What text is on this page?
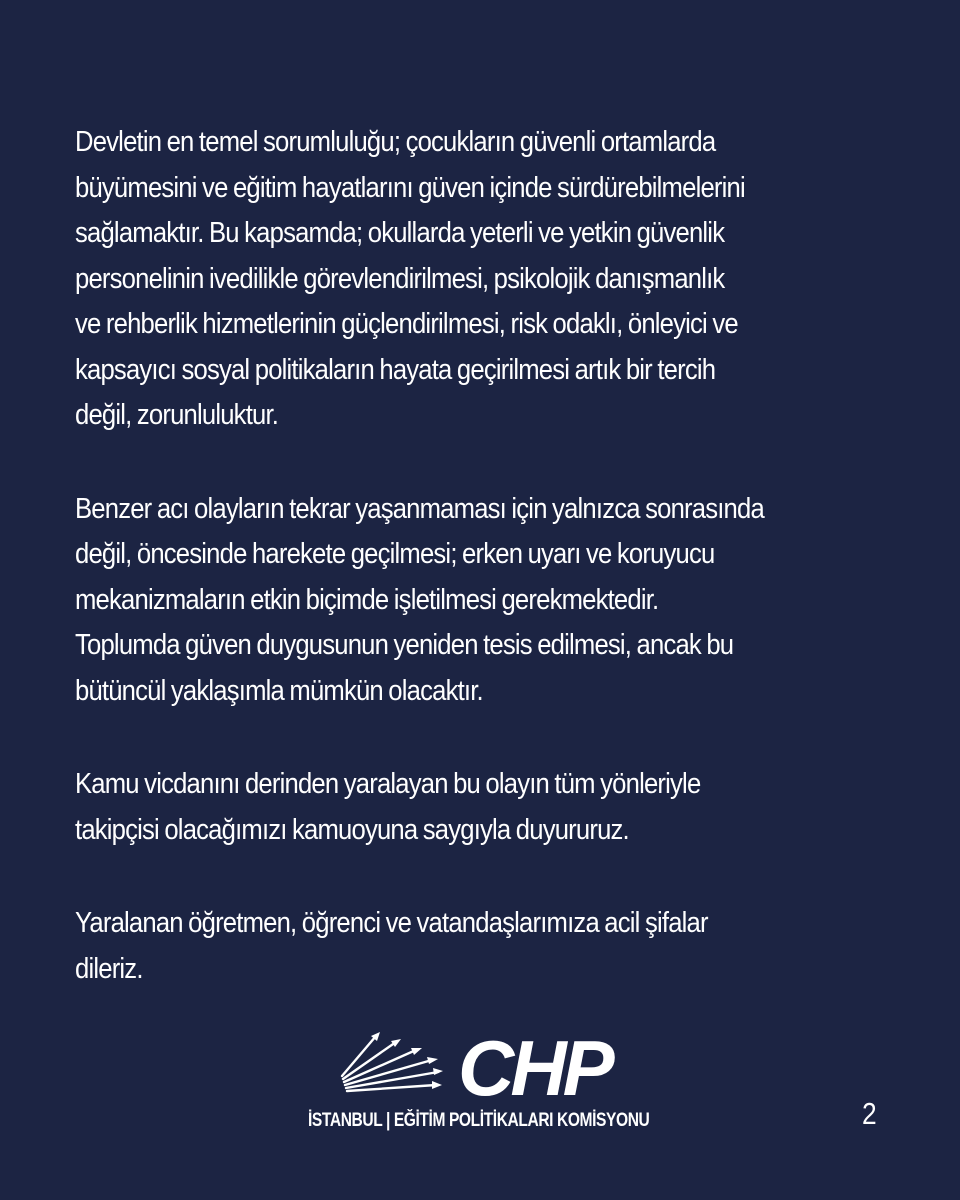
Devletin en temel sorumluluğu; çocukların güvenli ortamlarda
büyümesini ve eğitim hayatlarını güven içinde sürdürebilmelerini
sağlamaktır. Bu kapsamda; okullarda yeterli ve yetkin güvenlik
personelinin ivedilikle görevlendirilmesi, psikolojik danışmanlık
ve rehberlik hizmetlerinin güçlendirilmesi, risk odaklı, önleyici ve
kapsayıcı sosyal politikaların hayata geçirilmesi artık bir tercih
değil, zorunluluktur.

Benzer acı olayların tekrar yaşanmaması için yalnızca sonrasında
değil, öncesinde harekete geçilmesi; erken uyarı ve koruyucu
mekanizmaların etkin biçimde işletilmesi gerekmektedir.
Toplumda güven duygusunun yeniden tesis edilmesi, ancak bu
bütüncül yaklaşımla mümkün olacaktır.

Kamu vicdanını derinden yaralayan bu olayın tüm yönleriyle
takipçisi olacağımızı kamuoyuna saygıyla duyururuz.

Yaralanan öğretmen, öğrenci ve vatandaşlarımıza acil şifalar
dileriz.

CHP
İSTANBUL | EĞİTİM POLİTİKALARI KOMİSYONU	2
